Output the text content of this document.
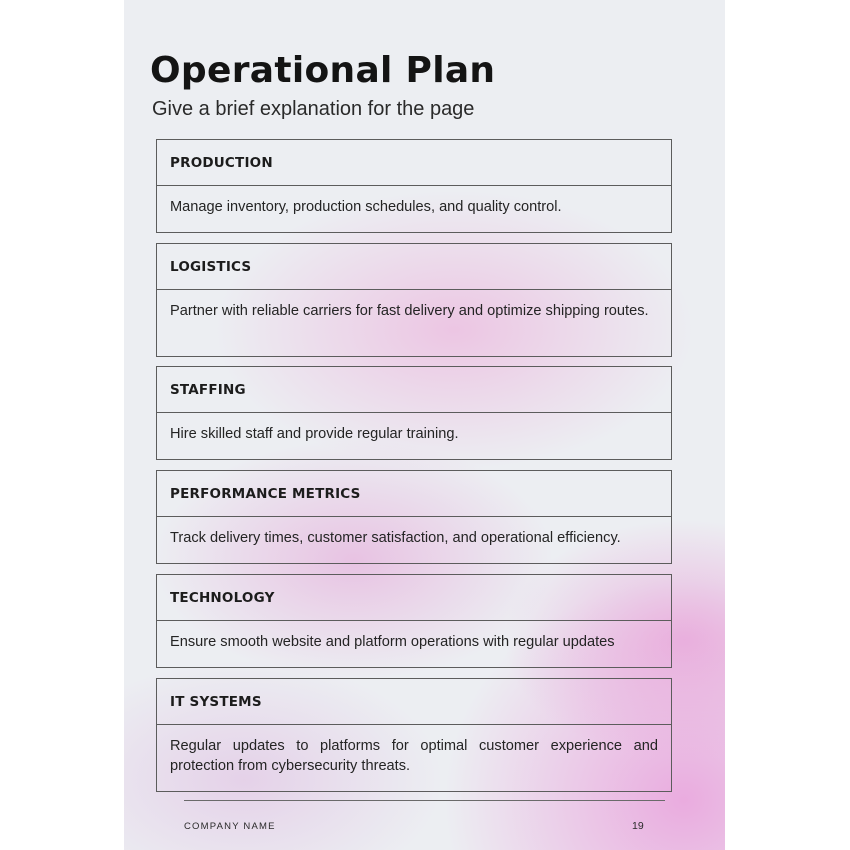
Operational Plan

Give a brief explanation for the page

PRODUCTION
Manage inventory, production schedules, and quality control.
LOGISTICS
Partner with reliable carriers for fast delivery and optimize shipping routes.
STAFFING
Hire skilled staff and provide regular training.
PERFORMANCE METRICS
Track delivery times, customer satisfaction, and operational efficiency.
TECHNOLOGY
Ensure smooth website and platform operations with regular updates
IT SYSTEMS
Regular updates to platforms for optimal customer experience and protection from cybersecurity threats.
COMPANY NAME	19
